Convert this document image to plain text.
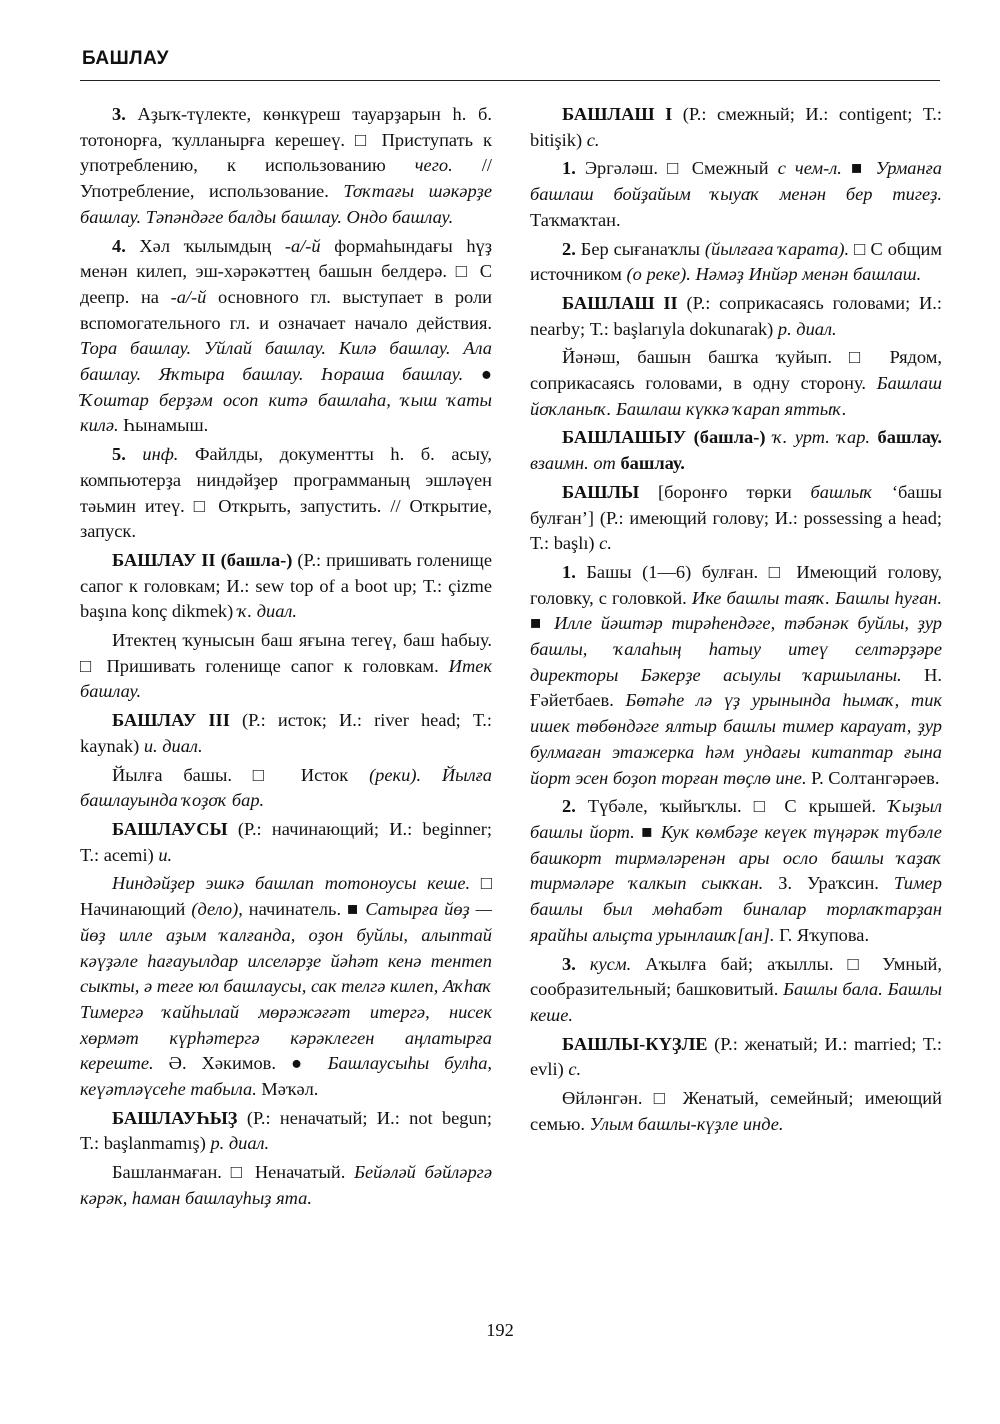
БАШЛАУ

3. Аҙыҡ-түлекте, көнкүреш тауарҙарын һ. б. тотонорға, ҡулланырға керешеү. □ Приступать к употреблению, к использованию чего. // Употребление, использование. Тоҡтағы шәкәрҙе башлау. Тәпәндәге балды башлау. Ондо башлау.

4. Хәл ҡылымдың -а/-й формаһындағы һүҙ менән килеп, эш-хәрәкәттең башын белдерә. □ С деепр. на -а/-й основного гл. выступает в роли вспомогательного гл. и означает начало действия. Тора башлау. Уйлай башлау. Килә башлау. Ала башлау. Яҡтыра башлау. Һораша башлау. ● Ҡоштар берҙәм осоп китә башлаһа, ҡыш ҡаты килә. Һынамыш.

5. инф. Файлды, документты һ. б. асыу, компьютерҙа ниндәйҙер программаның эшләүен тәьмин итеү. □ Открыть, запустить. // Открытие, запуск.

БАШЛАУ II (башла-) (Р.: пришивать голенище сапог к головкам; И.: sew top of a boot up; Т.: çizme başına konç dikmek) ҡ. диал.

Итектең ҡунысын баш яғына тегеү, баш һабыу. □ Пришивать голенище сапог к головкам. Итек башлау.

БАШЛАУ III (Р.: исток; И.: river head; Т.: kaynak) и. диал.

Йылға башы. □ Исток (реки). Йылға башлауында ҡоҙоҡ бар.

БАШЛАУСЫ (Р.: начинающий; И.: beginner; Т.: acemi) и.

Ниндәйҙер эшкә башлап тотоноусы кеше. □ Начинающий (дело), начинатель. ■ Сатырға йөҙ — йөҙ илле аҙым ҡалғанда, оҙон буйлы, алыптай кәүҙәле һағауылдар илселәрҙе йәһәт кенә тентеп сыкты, ә теге юл башлаусы, сак телгә килеп, Аҡһаҡ Тимергә ҡайһылай мөрәжәғәт итергә, нисек хөрмәт күрһәтергә кәрәклеген аңлатырға кереште. Ә. Хәкимов. ● Башлаусыһы булһа, кеүәтләүсеһе табыла. Мәҡәл.

БАШЛАУҺЫҘ (Р.: неначатый; И.: not begun; Т.: başlanmamış) р. диал.

Башланмаған. □ Неначатый. Бейәләй бәйләргә кәрәк, һаман башлауһыҙ ята.

БАШЛАШ I (Р.: смежный; И.: contigent; Т.: bitişik) с.

1. Эргәләш. □ Смежный с чем-л. ■ Урманға башлаш бойҙайым ҡыуаҡ менән бер тигеҙ. Таҡмаҡтан.

2. Бер сығанаҡлы (йылғаға ҡарата). □ С общим источником (о реке). Нәмәҙ Инйәр менән башлаш.

БАШЛАШ II (Р.: соприкасаясь головами; И.: nearby; Т.: başlarıyla dokunarak) р. диал.

Йәнәш, башын башҡа ҡуйып. □ Рядом, соприкасаясь головами, в одну сторону. Башлаш йоҡланыҡ. Башлаш күккә ҡарап яттыҡ.

БАШЛАШЫУ (башла-) ҡ. урт. ҡар. башлау. взаимн. от башлау.

БАШЛЫ [боронғо төрки башлыҡ ‘башы булған’] (Р.: имеющий голову; И.: possessing a head; Т.: başlı) с.

1. Башы (1—6) булған. □ Имеющий голову, головку, с головкой. Ике башлы таяҡ. Башлы һуған. ■ Илле йәштәр тирәһендәге, тәбәнәк буйлы, ҙур башлы, ҡалаһың һатыу итеү селтәрҙәре директоры Бәкерҙе асыулы ҡаршыланы. Н. Ғәйетбаев. Бөтәһе лә үҙ урынында һымаҡ, тик ишек төбөндәге ялтыр башлы тимер карауат, ҙур булмаған этажерка һәм ундағы китаптар ғына йорт эсен боҙоп торған төҫлө ине. Р. Солтангәрәев.

2. Түбәле, ҡыйыҡлы. □ С крышей. Ҡыҙыл башлы йорт. ■ Кук көмбәҙе кеүек түңәрәк түбәле башкорт тирмәләренән ары осло башлы ҡаҙаҡ тирмәләре ҡалкып сыкҡан. З. Ураҡсин. Тимер башлы был мөһабәт биналар торлаҡтарҙан ярайһы алыҫта урынлашҡ[ан]. Г. Яҡупова.

3. кусм. Аҡылға бай; аҡыллы. □ Умный, сообразительный; башковитый. Башлы бала. Башлы кеше.

БАШЛЫ-КҮҘЛЕ (Р.: женатый; И.: married; Т.: evli) с.

Өйләнгән. □ Женатый, семейный; имеющий семью. Улым башлы-күҙле инде.

192
